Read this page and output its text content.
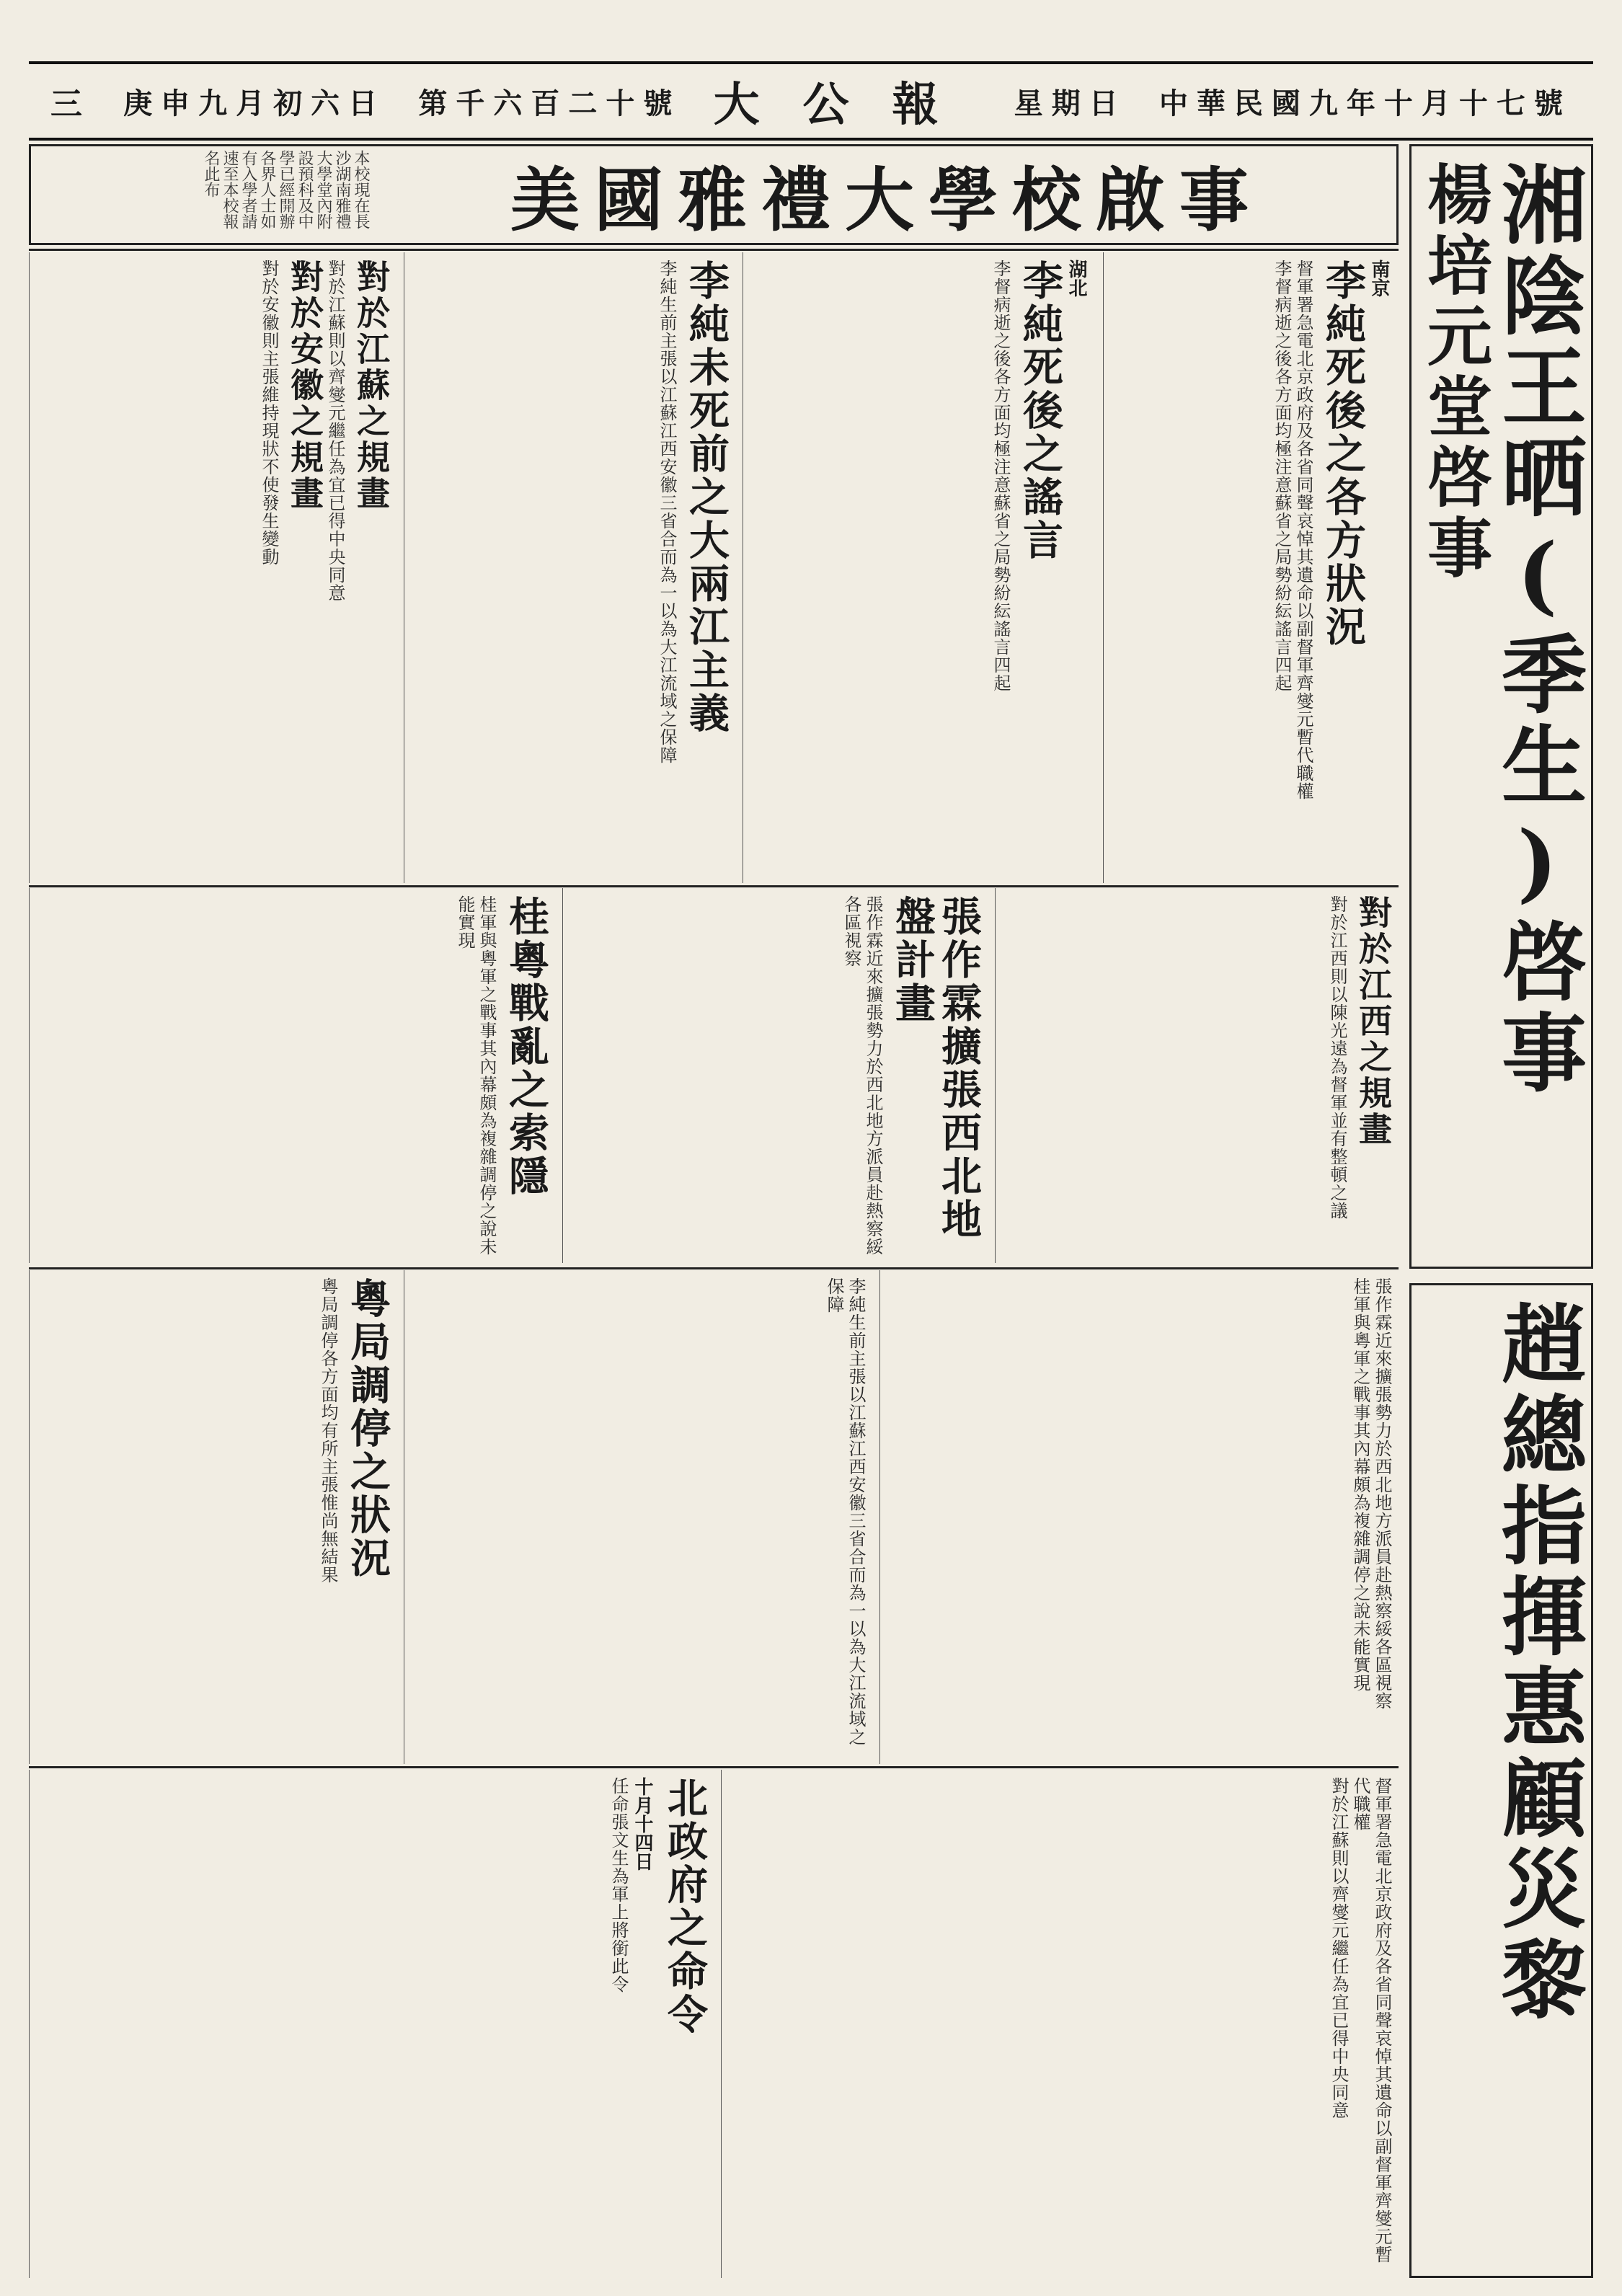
中華民國九年十月十七號
星期日
大公報
第千六百二十號
庚申九月初六日
三
美國雅禮大學校啟事
本校現在長沙湖南雅禮大學堂內附設預科及中學已經開辦各界人士如有入學者請速至本校報名此布	湘陰王晒(季生)啓事
楊培元堂啓事
趙總指揮惠顧災黎
南京
李純死後之各方狀況
督軍署急電北京政府及各省同聲哀悼其遺命以副督軍齊燮元暫代職權
李督病逝之後各方面均極注意蘇省之局勢紛紜謠言四起
湖北
李純死後之謠言
李督病逝之後各方面均極注意蘇省之局勢紛紜謠言四起
李純未死前之大兩江主義
李純生前主張以江蘇江西安徽三省合而為一以為大江流域之保障
對於江蘇之規畫
對於江蘇則以齊燮元繼任為宜已得中央同意
對於安徽之規畫
對於安徽則主張維持現狀不使發生變動
對於江西之規畫
對於江西則以陳光遠為督軍並有整頓之議
張作霖擴張西北地盤計畫
張作霖近來擴張勢力於西北地方派員赴熱察綏各區視察
桂粵戰亂之索隱
桂軍與粵軍之戰事其內幕頗為複雜調停之說未能實現
張作霖近來擴張勢力於西北地方派員赴熱察綏各區視察
桂軍與粵軍之戰事其內幕頗為複雜調停之說未能實現
李純生前主張以江蘇江西安徽三省合而為一以為大江流域之保障
粵局調停之狀況
粵局調停各方面均有所主張惟尚無結果
督軍署急電北京政府及各省同聲哀悼其遺命以副督軍齊燮元暫代職權
對於江蘇則以齊燮元繼任為宜已得中央同意
北政府之命令
十月十四日
任命張文生為軍上將銜此令
